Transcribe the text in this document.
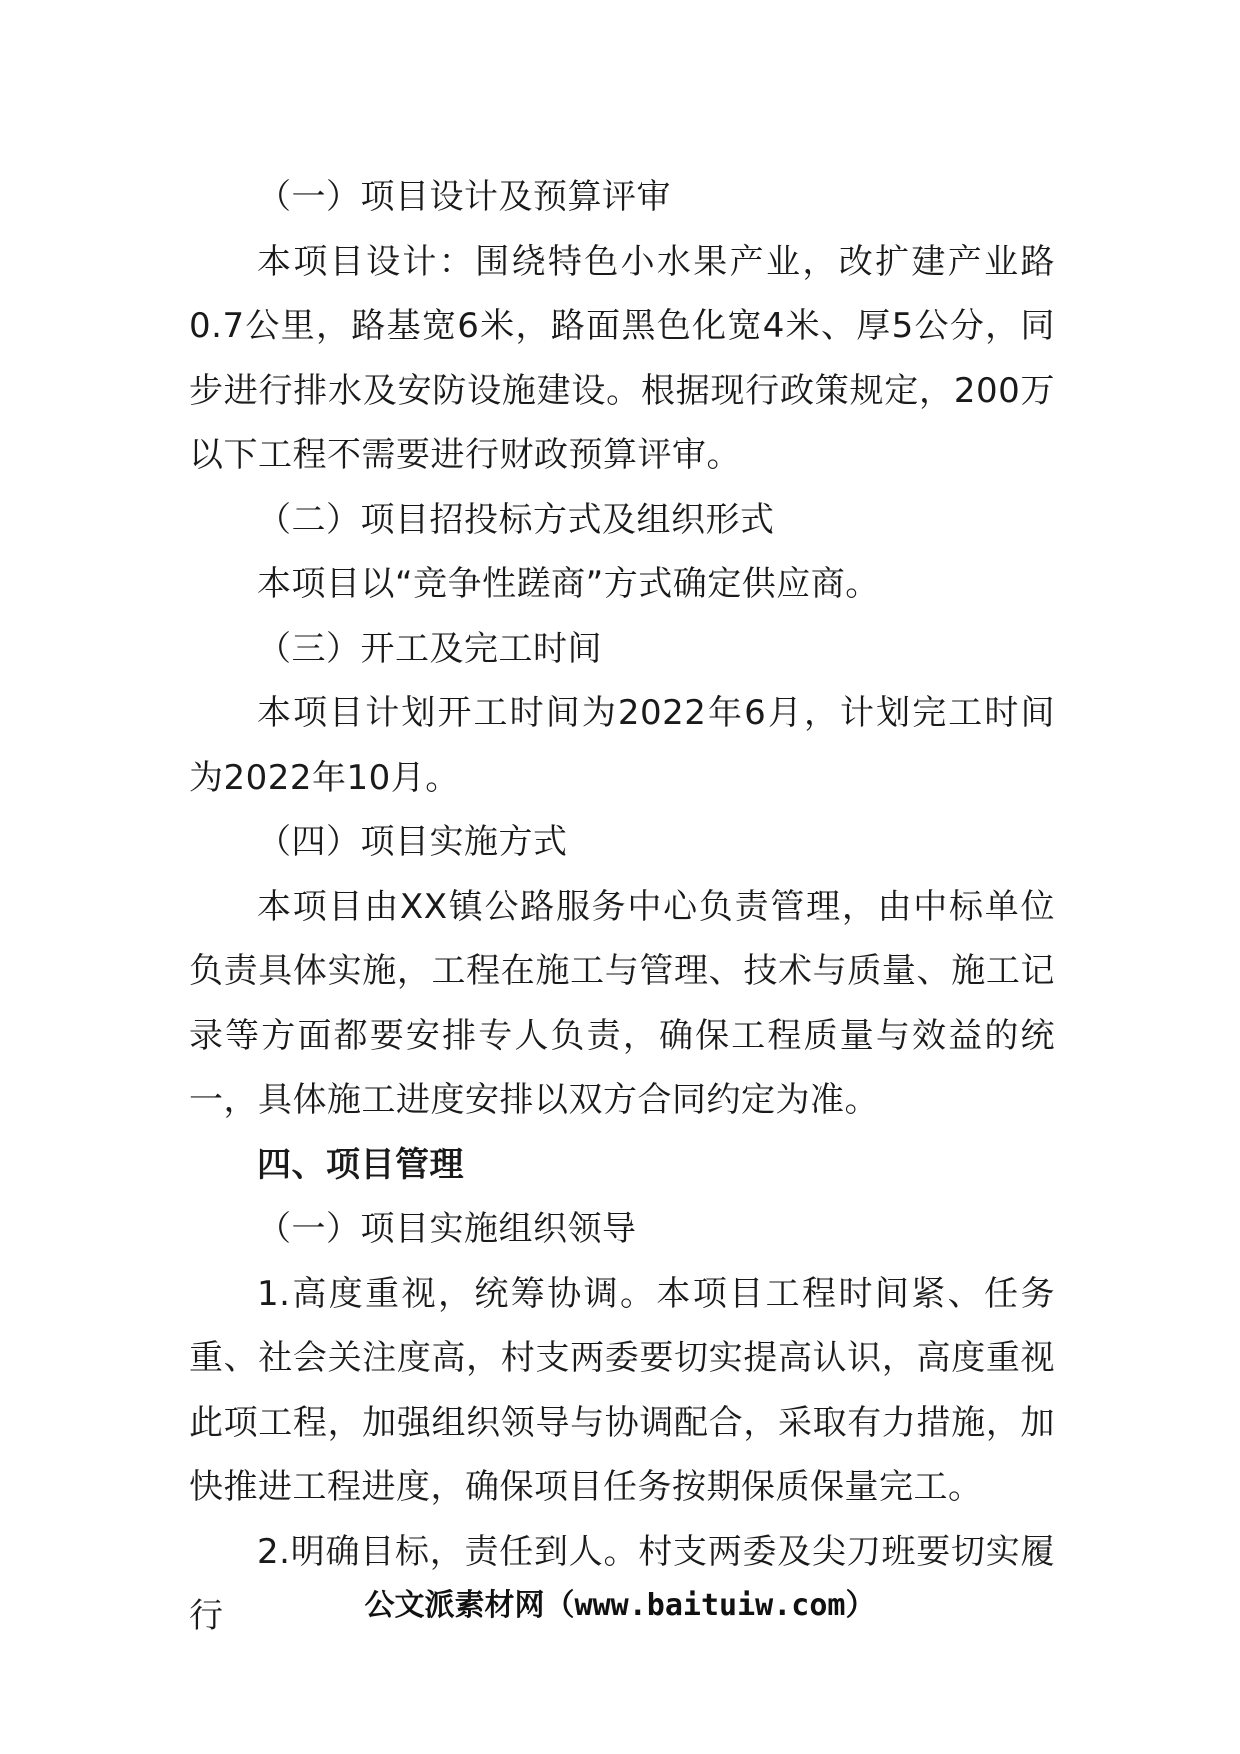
（一）项目设计及预算评审

本项目设计：围绕特色小水果产业，改扩建产业路0.7公里，路基宽6米，路面黑色化宽4米、厚5公分，同步进行排水及安防设施建设。根据现行政策规定，200万以下工程不需要进行财政预算评审。

（二）项目招投标方式及组织形式

本项目以“竞争性蹉商”方式确定供应商。

（三）开工及完工时间

本项目计划开工时间为2022年6月，计划完工时间为2022年10月。

（四）项目实施方式

本项目由XX镇公路服务中心负责管理，由中标单位负责具体实施，工程在施工与管理、技术与质量、施工记录等方面都要安排专人负责，确保工程质量与效益的统一，具体施工进度安排以双方合同约定为准。

四、项目管理

（一）项目实施组织领导

1.高度重视，统筹协调。本项目工程时间紧、任务重、社会关注度高，村支两委要切实提高认识，高度重视此项工程，加强组织领导与协调配合，采取有力措施，加快推进工程进度，确保项目任务按期保质保量完工。

2.明确目标，责任到人。村支两委及尖刀班要切实履行	公文派素材网（www.baituiw.com）
